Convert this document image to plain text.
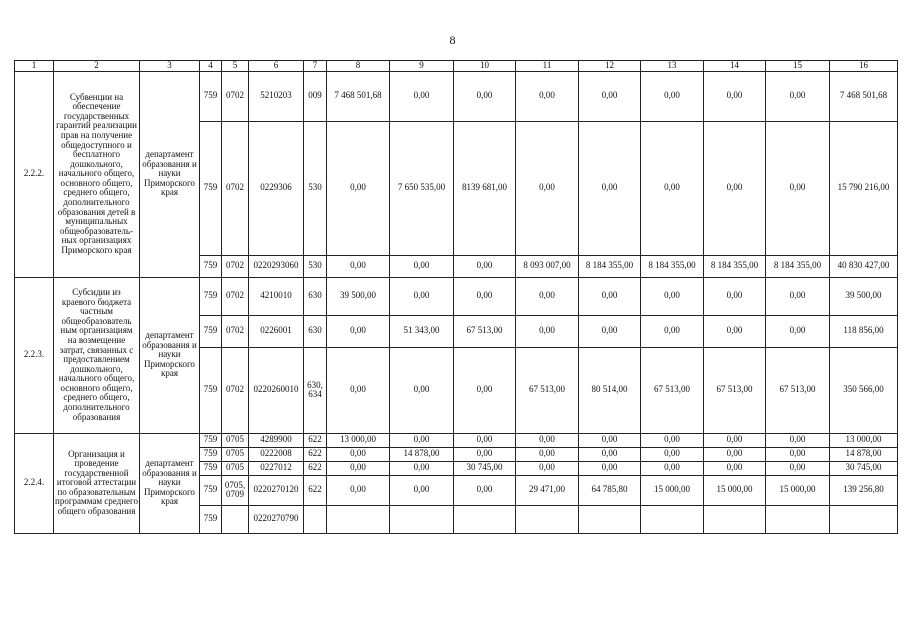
8
1	2	3	4	5	6	7	8	9	10	11	12	13	14	15	16
2.2.2.	Субвенции на обеспечение государственных гарантий реализации прав на получение общедоступного и бесплатного дошкольного, начального общего, основного общего, среднего общего, дополнительного образования детей в муниципальных общеобразователь-ных организациях Приморского края	департамент образования и науки Приморского края	759	0702	5210203	009	7 468 501,68	0,00	0,00	0,00	0,00	0,00	0,00	0,00	7 468 501,68
			759	0702	0229306	530	0,00	7 650 535,00	8139 681,00	0,00	0,00	0,00	0,00	0,00	15 790 216,00
			759	0702	0220293060	530	0,00	0,00	0,00	8 093 007,00	8 184 355,00	8 184 355,00	8 184 355,00	8 184 355,00	40 830 427,00
2.2.3.	Субсидии из краевого бюджета частным общеобразователь ным организациям на возмещение затрат, связанных с предоставлением дошкольного, начального общего, основного общего, среднего общего, дополнительного образования	департамент образования и науки Приморского края	759	0702	4210010	630	39 500,00	0,00	0,00	0,00	0,00	0,00	0,00	0,00	39 500,00
			759	0702	0226001	630	0,00	51 343,00	67 513,00	0,00	0,00	0,00	0,00	0,00	118 856,00
			759	0702	0220260010	630, 634	0,00	0,00	0,00	67 513,00	80 514,00	67 513,00	67 513,00	67 513,00	350 566,00
2.2.4.	Организация и проведение государственной итоговой аттестации по образовательным программам среднего общего образования	департамент образования и науки Приморского края	759	0705	4289900	622	13 000,00	0,00	0,00	0,00	0,00	0,00	0,00	0,00	13 000,00
			759	0705	0222008	622	0,00	14 878,00	0,00	0,00	0,00	0,00	0,00	0,00	14 878,00
			759	0705	0227012	622	0,00	0,00	30 745,00	0,00	0,00	0,00	0,00	0,00	30 745,00
			759	0705, 0709	0220270120	622	0,00	0,00	0,00	29 471,00	64 785,80	15 000,00	15 000,00	15 000,00	139 256,80
			759		0220270790										
